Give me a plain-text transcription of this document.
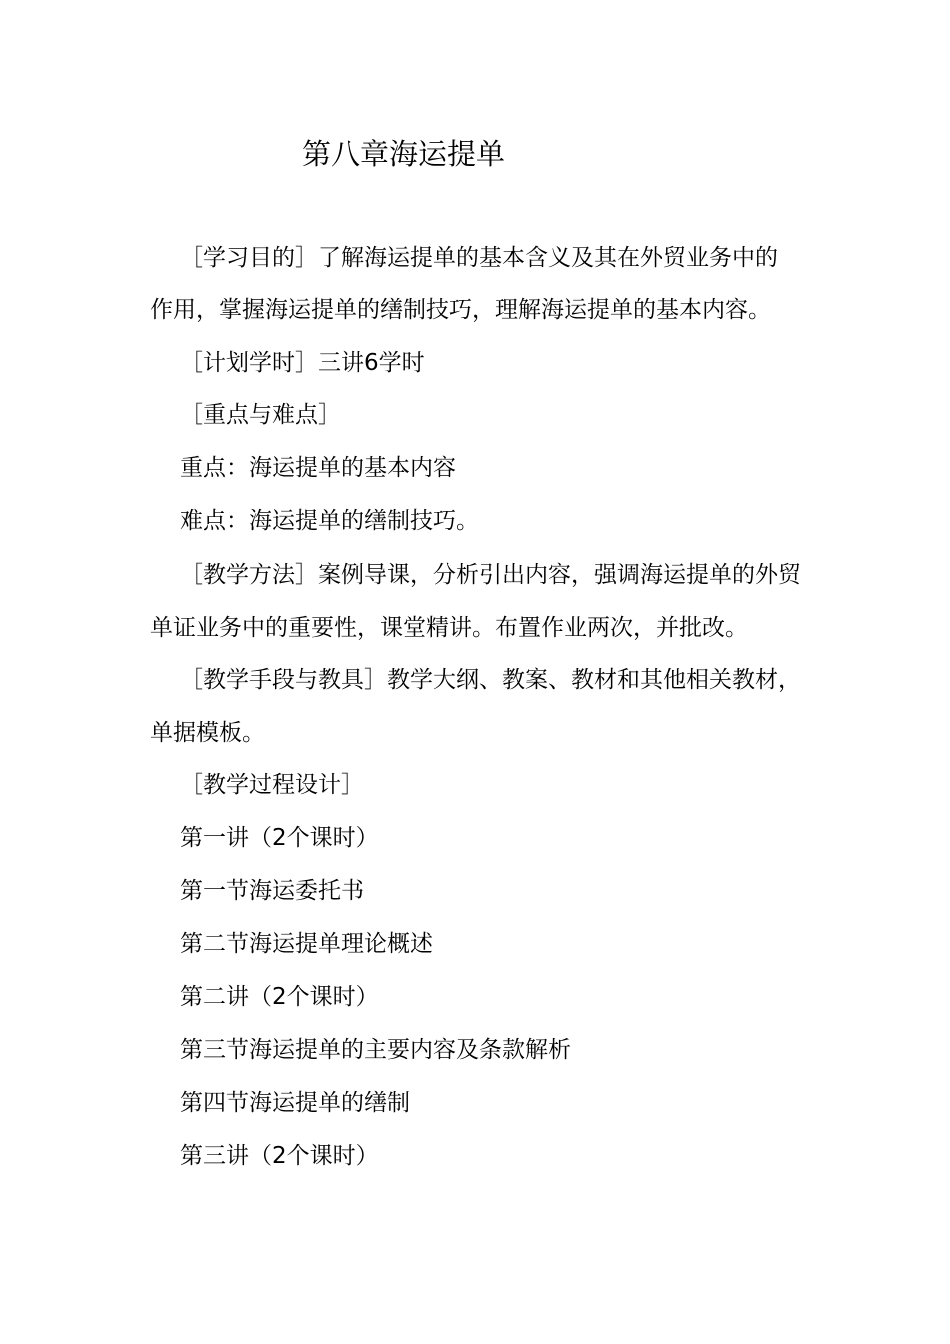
第八章海运提单
［学习目的］了解海运提单的基本含义及其在外贸业务中的
作用，掌握海运提单的缮制技巧，理解海运提单的基本内容。
［计划学时］三讲6学时
［重点与难点］
重点：海运提单的基本内容
难点：海运提单的缮制技巧。
［教学方法］案例导课，分析引出内容，强调海运提单的外贸
单证业务中的重要性，课堂精讲。布置作业两次，并批改。
［教学手段与教具］教学大纲、教案、教材和其他相关教材，
单据模板。
［教学过程设计］
第一讲（2个课时）
第一节海运委托书
第二节海运提单理论概述
第二讲（2个课时）
第三节海运提单的主要内容及条款解析
第四节海运提单的缮制
第三讲（2个课时）
